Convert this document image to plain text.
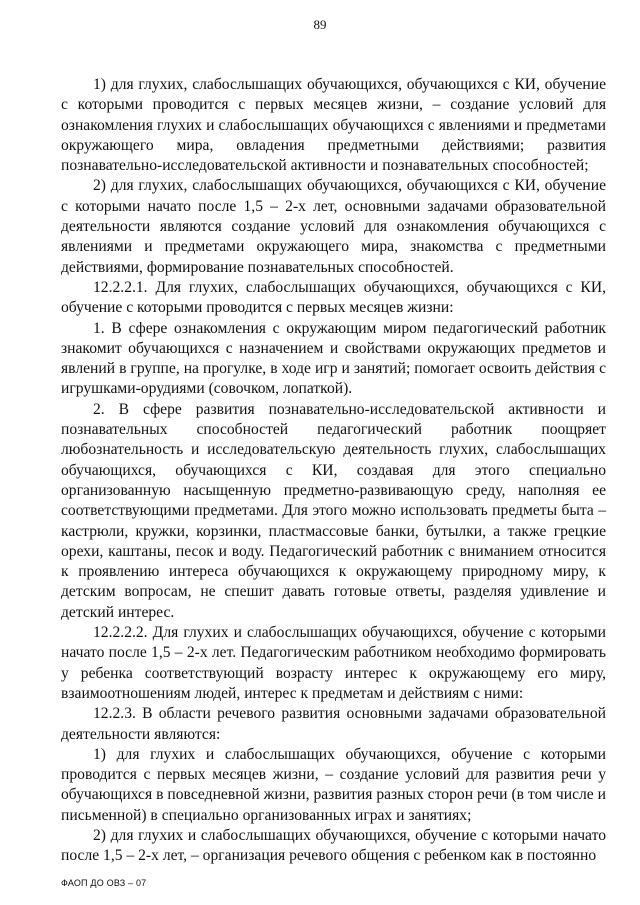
89

1) для глухих, слабослышащих обучающихся, обучающихся с КИ, обучение с которыми проводится с первых месяцев жизни, – создание условий для ознакомления глухих и слабослышащих обучающихся с явлениями и предметами окружающего мира, овладения предметными действиями; развития познавательно-исследовательской активности и познавательных способностей;

2) для глухих, слабослышащих обучающихся, обучающихся с КИ, обучение с которыми начато после 1,5 – 2-х лет, основными задачами образовательной деятельности являются создание условий для ознакомления обучающихся с явлениями и предметами окружающего мира, знакомства с предметными действиями, формирование познавательных способностей.

12.2.2.1. Для глухих, слабослышащих обучающихся, обучающихся с КИ, обучение с которыми проводится с первых месяцев жизни:

1. В сфере ознакомления с окружающим миром педагогический работник знакомит обучающихся с назначением и свойствами окружающих предметов и явлений в группе, на прогулке, в ходе игр и занятий; помогает освоить действия с игрушками-орудиями (совочком, лопаткой).

2. В сфере развития познавательно-исследовательской активности и познавательных способностей педагогический работник поощряет любознательность и исследовательскую деятельность глухих, слабослышащих обучающихся, обучающихся с КИ, создавая для этого специально организованную насыщенную предметно-развивающую среду, наполняя ее соответствующими предметами. Для этого можно использовать предметы быта – кастрюли, кружки, корзинки, пластмассовые банки, бутылки, а также грецкие орехи, каштаны, песок и воду. Педагогический работник с вниманием относится к проявлению интереса обучающихся к окружающему природному миру, к детским вопросам, не спешит давать готовые ответы, разделяя удивление и детский интерес.

12.2.2.2. Для глухих и слабослышащих обучающихся, обучение с которыми начато после 1,5 – 2-х лет. Педагогическим работником необходимо формировать у ребенка соответствующий возрасту интерес к окружающему его миру, взаимоотношениям людей, интерес к предметам и действиям с ними:

12.2.3. В области речевого развития основными задачами образовательной деятельности являются:

1) для глухих и слабослышащих обучающихся, обучение с которыми проводится с первых месяцев жизни, – создание условий для развития речи у обучающихся в повседневной жизни, развития разных сторон речи (в том числе и письменной) в специально организованных играх и занятиях;

2) для глухих и слабослышащих обучающихся, обучение с которыми начато после 1,5 – 2-х лет, – организация речевого общения с ребенком как в постоянно

ФАОП ДО ОВЗ – 07
